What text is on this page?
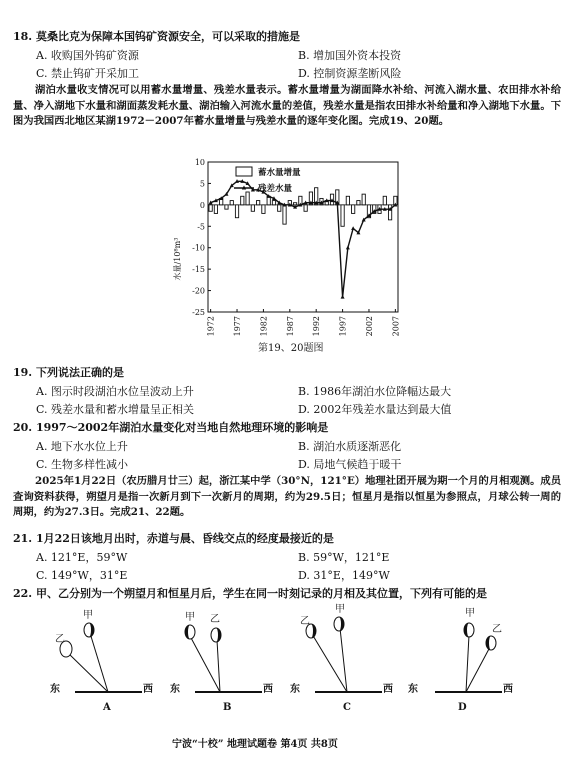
18. 莫桑比克为保障本国钨矿资源安全，可以采取的措施是
A. 收购国外钨矿资源	B. 增加国外资本投资
C. 禁止钨矿开采加工	D. 控制资源垄断风险
湖泊水量收支情况可以用蓄水量增量、残差水量表示。蓄水量增量为湖面降水补给、河流入湖水量、农田排水补给量、净入湖地下水量和湖面蒸发耗水量、湖泊输入河流水量的差值，残差水量是指农田排水补给量和净入湖地下水量。下图为我国西北地区某湖1972－2007年蓄水量增量与残差水量的逐年变化图。完成19、20题。
10
5
0
-5
-10
-15
-20
-25
1972 1977 1982 1987 1992 1997 2002 2007
水量/10⁸m³
蓄水量增量
残差水量
第19、20题图
19. 下列说法正确的是
A. 图示时段湖泊水位呈波动上升	B. 1986年湖泊水位降幅达最大
C. 残差水量和蓄水增量呈正相关	D. 2002年残差水量达到最大值
20. 1997～2002年湖泊水量变化对当地自然地理环境的影响是
A. 地下水水位上升	B. 湖泊水质逐渐恶化
C. 生物多样性减小	D. 局地气候趋于暖干
2025年1月22日（农历腊月廿三）起，浙江某中学（30°N，121°E）地理社团开展为期一个月的月相观测。成员查询资料获得，朔望月是指一次新月到下一次新月的周期，约为29.5日；恒星月是指以恒星为参照点，月球公转一周的周期，约为27.3日。完成21、22题。
21. 1月22日该地月出时，赤道与晨、昏线交点的经度最接近的是
A. 121°E，59°W	B. 59°W，121°E
C. 149°W，31°E	D. 31°E，149°W
22. 甲、乙分别为一个朔望月和恒星月后，学生在同一时刻记录的月相及其位置，下列有可能的是
乙
甲
东	西
A
甲 乙
东	西
B
乙
甲
东	西
C
甲
乙
东	西
D
宁波“十校” 地理试题卷 第4页 共8页
